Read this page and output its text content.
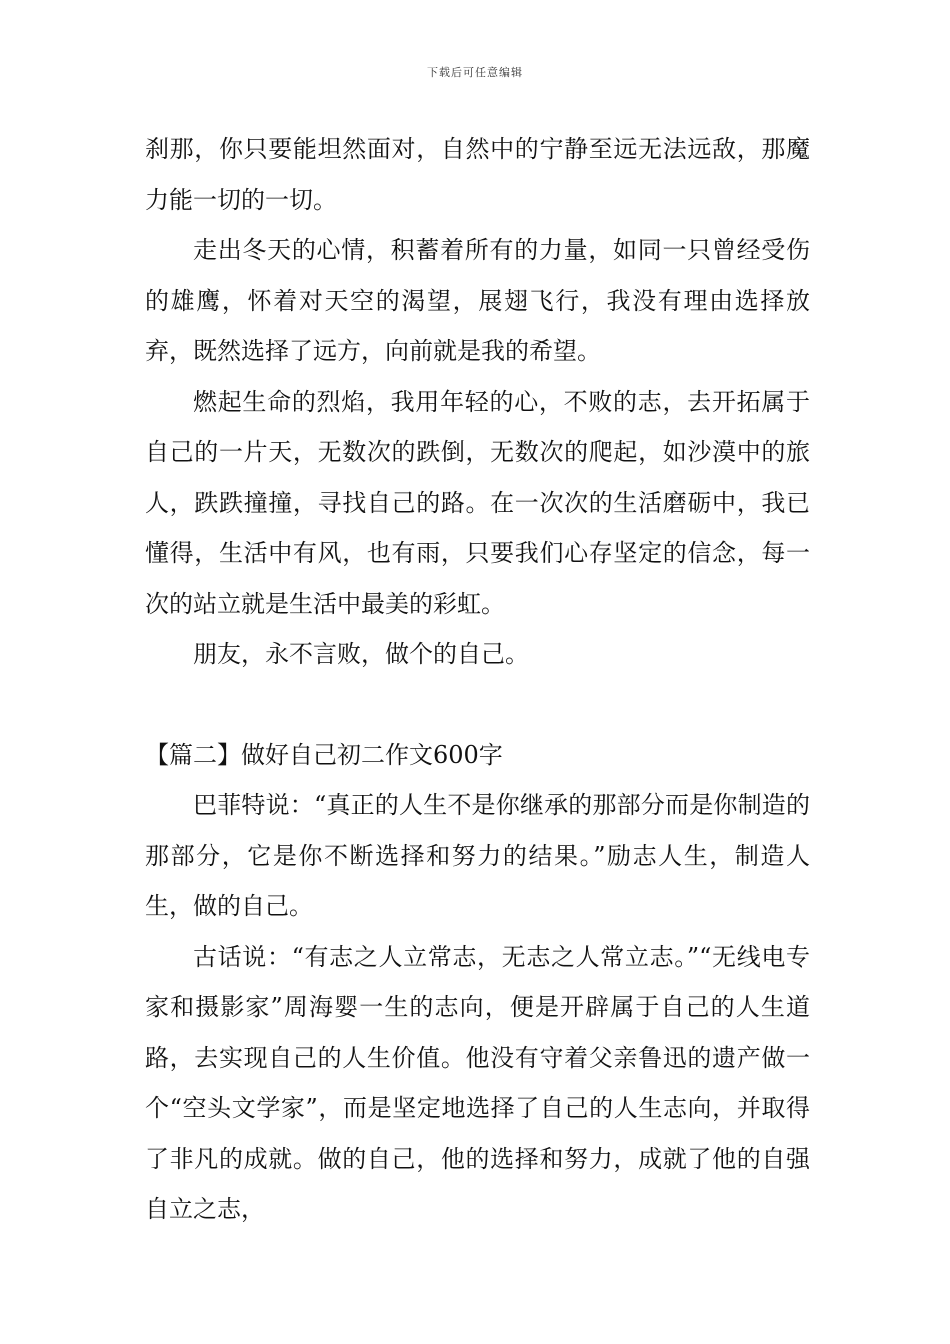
下载后可任意编辑

刹那，你只要能坦然面对，自然中的宁静至远无法远敌，那魔力能一切的一切。

走出冬天的心情，积蓄着所有的力量，如同一只曾经受伤的雄鹰，怀着对天空的渴望，展翅飞行，我没有理由选择放弃，既然选择了远方，向前就是我的希望。

燃起生命的烈焰，我用年轻的心，不败的志，去开拓属于自己的一片天，无数次的跌倒，无数次的爬起，如沙漠中的旅人，跌跌撞撞，寻找自己的路。在一次次的生活磨砺中，我已懂得，生活中有风，也有雨，只要我们心存坚定的信念，每一次的站立就是生活中最美的彩虹。

朋友，永不言败，做个的自己。

【篇二】做好自己初二作文600字

巴菲特说：“真正的人生不是你继承的那部分而是你制造的那部分，它是你不断选择和努力的结果。”励志人生，制造人生，做的自己。

古话说：“有志之人立常志，无志之人常立志。”“无线电专家和摄影家”周海婴一生的志向，便是开辟属于自己的人生道路，去实现自己的人生价值。他没有守着父亲鲁迅的遗产做一个“空头文学家”，而是坚定地选择了自己的人生志向，并取得了非凡的成就。做的自己，他的选择和努力，成就了他的自强自立之志，
